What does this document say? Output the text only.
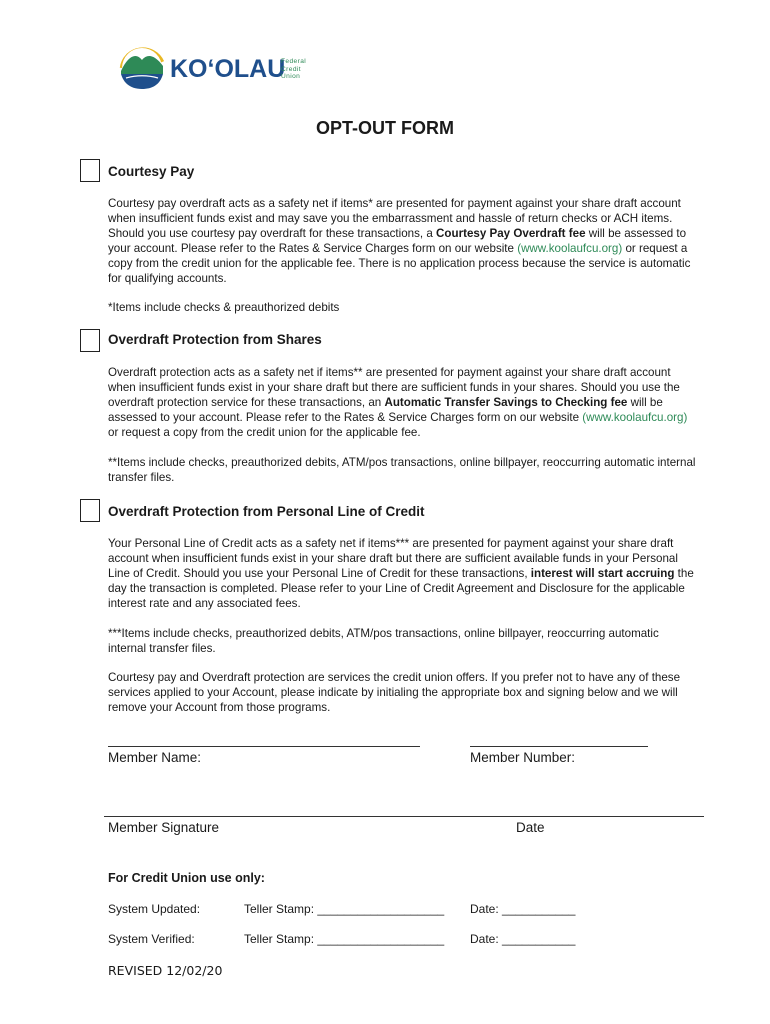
KO‘OLAU
Federal
Credit
Union
OPT-OUT FORM
Courtesy Pay
Courtesy pay overdraft acts as a safety net if items* are presented for payment against your share draft account when insufficient funds exist and may save you the embarrassment and hassle of return checks or ACH items. Should you use courtesy pay overdraft for these transactions, a Courtesy Pay Overdraft fee will be assessed to your account. Please refer to the Rates & Service Charges form on our website (www.koolaufcu.org) or request a copy from the credit union for the applicable fee. There is no application process because the service is automatic for qualifying accounts.
*Items include checks & preauthorized debits
Overdraft Protection from Shares
Overdraft protection acts as a safety net if items** are presented for payment against your share draft account when insufficient funds exist in your share draft but there are sufficient funds in your shares. Should you use the overdraft protection service for these transactions, an Automatic Transfer Savings to Checking fee will be assessed to your account. Please refer to the Rates & Service Charges form on our website (www.koolaufcu.org) or request a copy from the credit union for the applicable fee.
**Items include checks, preauthorized debits, ATM/pos transactions, online billpayer, reoccurring automatic internal transfer files.
Overdraft Protection from Personal Line of Credit
Your Personal Line of Credit acts as a safety net if items*** are presented for payment against your share draft account when insufficient funds exist in your share draft but there are sufficient available funds in your Personal Line of Credit. Should you use your Personal Line of Credit for these transactions, interest will start accruing the day the transaction is completed. Please refer to your Line of Credit Agreement and Disclosure for the applicable interest rate and any associated fees.
***Items include checks, preauthorized debits, ATM/pos transactions, online billpayer, reoccurring automatic internal transfer files.
Courtesy pay and Overdraft protection are services the credit union offers. If you prefer not to have any of these services applied to your Account, please indicate by initialing the appropriate box and signing below and we will remove your Account from those programs.
Member Name:	Member Number:
Member Signature	Date
For Credit Union use only:
System Updated:	Teller Stamp: ___________________ Date: ___________
System Verified:	Teller Stamp: ___________________ Date: ___________
REVISED 12/02/20
